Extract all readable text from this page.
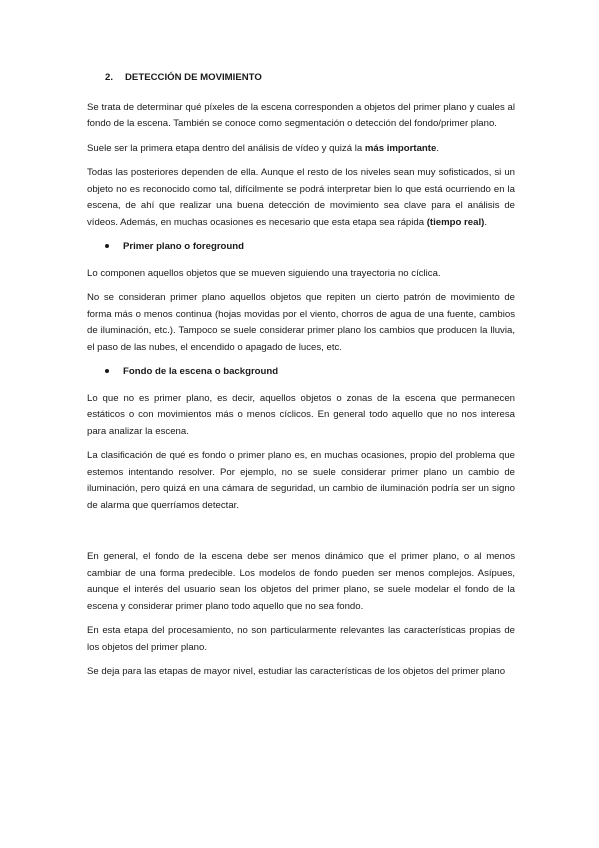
2. DETECCIÓN DE MOVIMIENTO

Se trata de determinar qué píxeles de la escena corresponden a objetos del primer plano y cuales al fondo de la escena. También se conoce como segmentación o detección del fondo/primer plano.

Suele ser la primera etapa dentro del análisis de vídeo y quizá la más importante.

Todas las posteriores dependen de ella. Aunque el resto de los niveles sean muy sofisticados, si un objeto no es reconocido como tal, difícilmente se podrá interpretar bien lo que está ocurriendo en la escena, de ahí que realizar una buena detección de movimiento sea clave para el análisis de vídeos. Además, en muchas ocasiones es necesario que esta etapa sea rápida (tiempo real).

Primer plano o foreground

Lo componen aquellos objetos que se mueven siguiendo una trayectoria no cíclica.

No se consideran primer plano aquellos objetos que repiten un cierto patrón de movimiento de forma más o menos continua (hojas movidas por el viento, chorros de agua de una fuente, cambios de iluminación, etc.). Tampoco se suele considerar primer plano los cambios que producen la lluvia, el paso de las nubes, el encendido o apagado de luces, etc.

Fondo de la escena o background

Lo que no es primer plano, es decir, aquellos objetos o zonas de la escena que permanecen estáticos o con movimientos más o menos cíclicos. En general todo aquello que no nos interesa para analizar la escena.

La clasificación de qué es fondo o primer plano es, en muchas ocasiones, propio del problema que estemos intentando resolver. Por ejemplo, no se suele considerar primer plano un cambio de iluminación, pero quizá en una cámara de seguridad, un cambio de iluminación podría ser un signo de alarma que querríamos detectar.

En general, el fondo de la escena debe ser menos dinámico que el primer plano, o al menos cambiar de una forma predecible. Los modelos de fondo pueden ser menos complejos. Asípues, aunque el interés del usuario sean los objetos del primer plano, se suele modelar el fondo de la escena y considerar primer plano todo aquello que no sea fondo.

En esta etapa del procesamiento, no son particularmente relevantes las características propias de los objetos del primer plano.

Se deja para las etapas de mayor nivel, estudiar las características de los objetos del primer plano
